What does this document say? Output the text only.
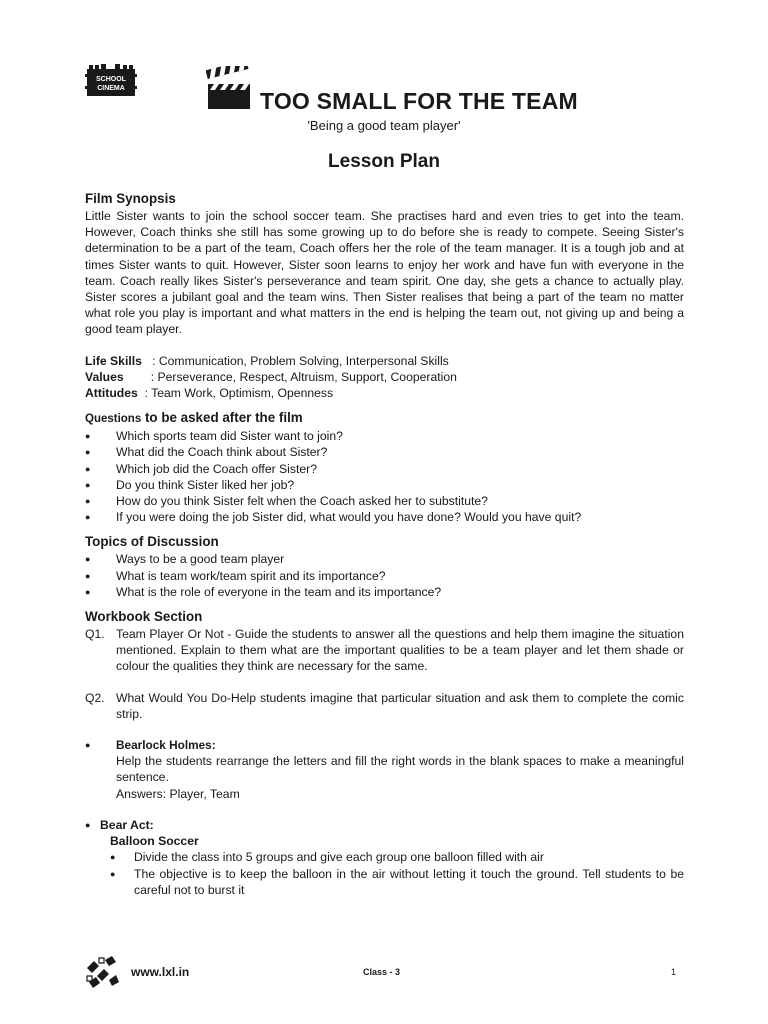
SCHOOL
CINEMA	TOO SMALL FOR THE TEAM
'Being a good team player'
Lesson Plan
Film Synopsis

Little Sister wants to join the school soccer team. She practises hard and even tries to get into the team. However, Coach thinks she still has some growing up to do before she is ready to compete. Seeing Sister's determination to be a part of the team, Coach offers her the role of the team manager. It is a tough job and at times Sister wants to quit. However, Sister soon learns to enjoy her work and have fun with everyone in the team. Coach really likes Sister's perseverance and team spirit. One day, she gets a chance to actually play. Sister scores a jubilant goal and the team wins. Then Sister realises that being a part of the team no matter what role you play is important and what matters in the end is helping the team out, not giving up and being a good team player.

Life Skills : Communication, Problem Solving, Interpersonal Skills
Values : Perseverance, Respect, Altruism, Support, Cooperation
Attitudes : Team Work, Optimism, Openness
Questions to be asked after the film
● Which sports team did Sister want to join?
● What did the Coach think about Sister?
● Which job did the Coach offer Sister?
● Do you think Sister liked her job?
● How do you think Sister felt when the Coach asked her to substitute?
● If you were doing the job Sister did, what would you have done? Would you have quit?
Topics of Discussion
● Ways to be a good team player
● What is team work/team spirit and its importance?
● What is the role of everyone in the team and its importance?
Workbook Section
Q1. Team Player Or Not - Guide the students to answer all the questions and help them imagine the situation mentioned. Explain to them what are the important qualities to be a team player and let them shade or colour the qualities they think are necessary for the same.
Q2. What Would You Do-Help students imagine that particular situation and ask them to complete the comic strip.
● Bearlock Holmes:

Help the students rearrange the letters and fill the right words in the blank spaces to make a meaningful sentence.

Answers: Player, Team
● Bear Act:
Balloon Soccer
● Divide the class into 5 groups and give each group one balloon filled with air
● The objective is to keep the balloon in the air without letting it touch the ground. Tell students to be careful not to burst it
www.lxl.in	Class - 3	1
